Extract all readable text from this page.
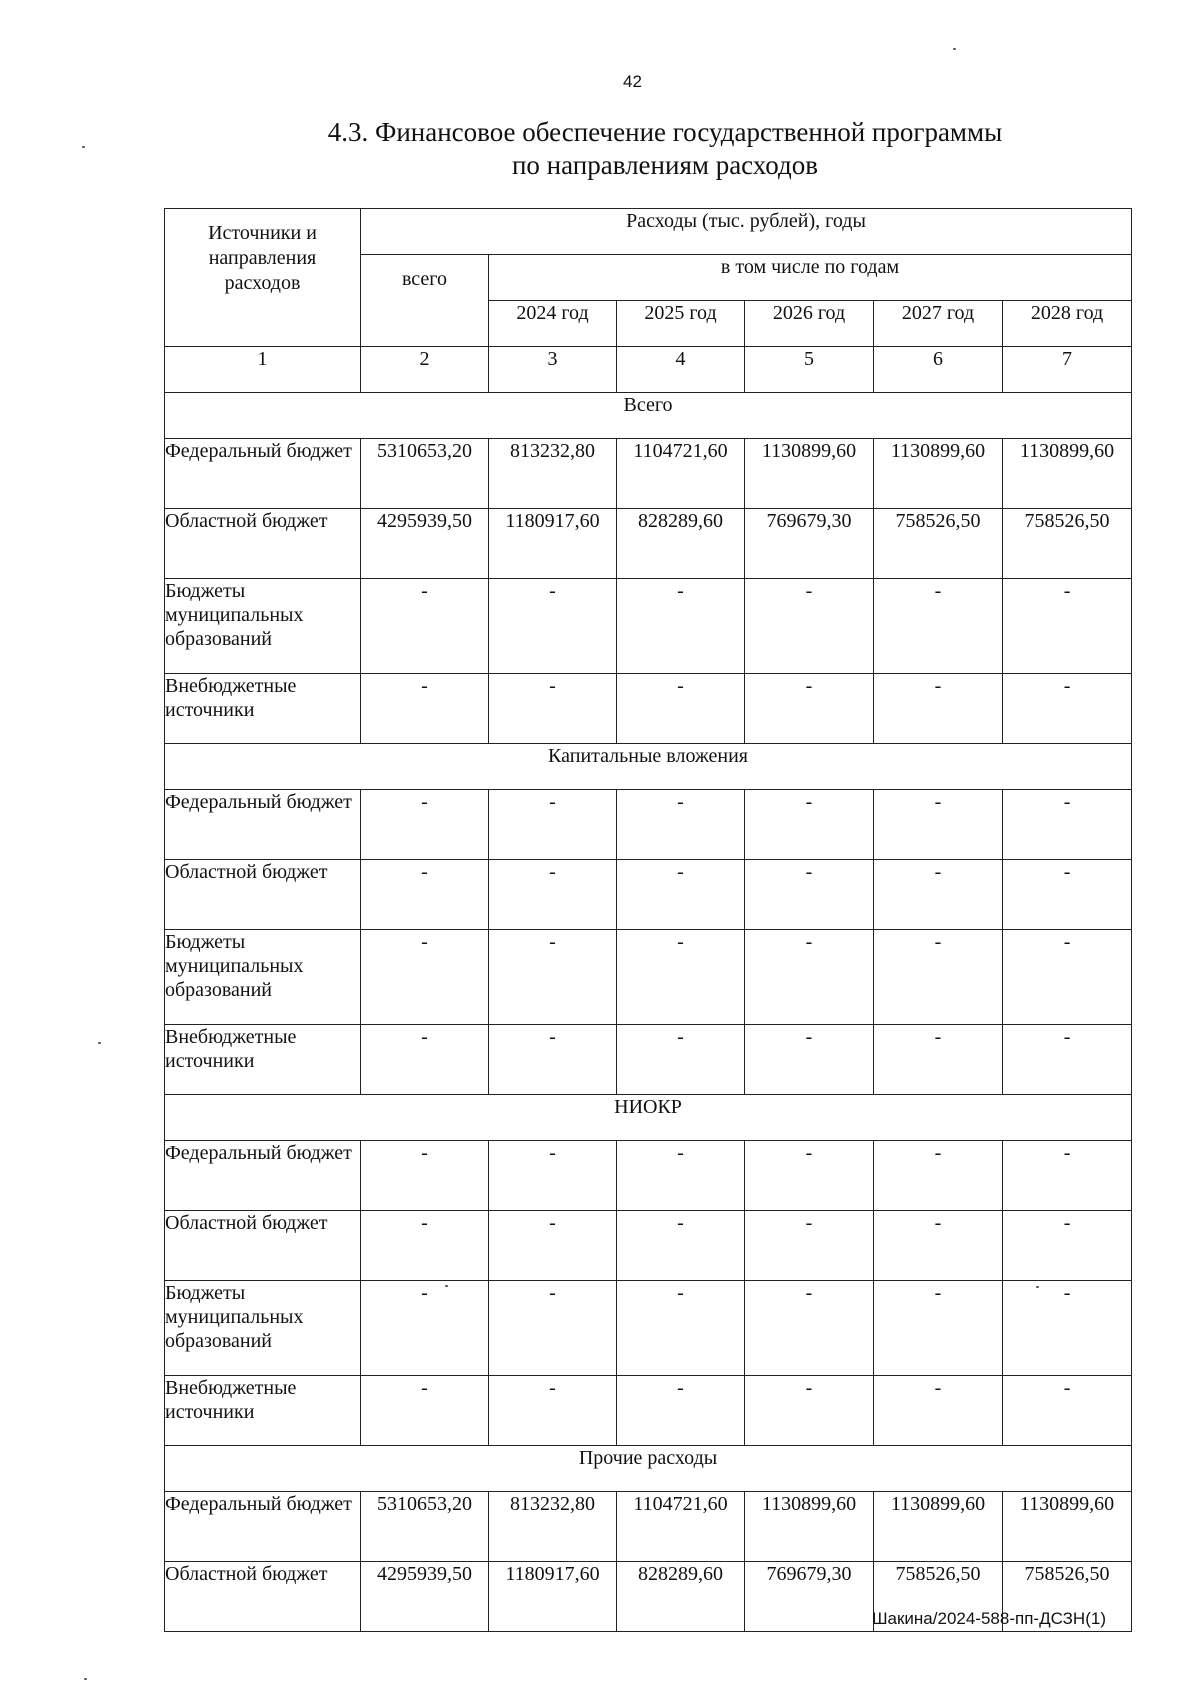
42
4.3. Финансовое обеспечение государственной программы
по направлениям расходов
Источники и направления расходов	Расходы (тыс. рублей), годы					
	всего	в том числе по годам				
		2024 год	2025 год	2026 год	2027 год	2028 год
1	2	3	4	5	6	7
Всего						
Федеральный бюджет	5310653,20	813232,80	1104721,60	1130899,60	1130899,60	1130899,60
Областной бюджет	4295939,50	1180917,60	828289,60	769679,30	758526,50	758526,50
Бюджеты муниципальных образований	-	-	-	-	-	-
Внебюджетные источники	-	-	-	-	-	-
Капитальные вложения						
Федеральный бюджет	-	-	-	-	-	-
Областной бюджет	-	-	-	-	-	-
Бюджеты муниципальных образований	-	-	-	-	-	-
Внебюджетные источники	-	-	-	-	-	-
НИОКР						
Федеральный бюджет	-	-	-	-	-	-
Областной бюджет	-	-	-	-	-	-
Бюджеты муниципальных образований	-	-	-	-	-	-
Внебюджетные источники	-	-	-	-	-	-
Прочие расходы						
Федеральный бюджет	5310653,20	813232,80	1104721,60	1130899,60	1130899,60	1130899,60
Областной бюджет	4295939,50	1180917,60	828289,60	769679,30	758526,50	758526,50
Шакина/2024-588-пп-ДСЗН(1)
